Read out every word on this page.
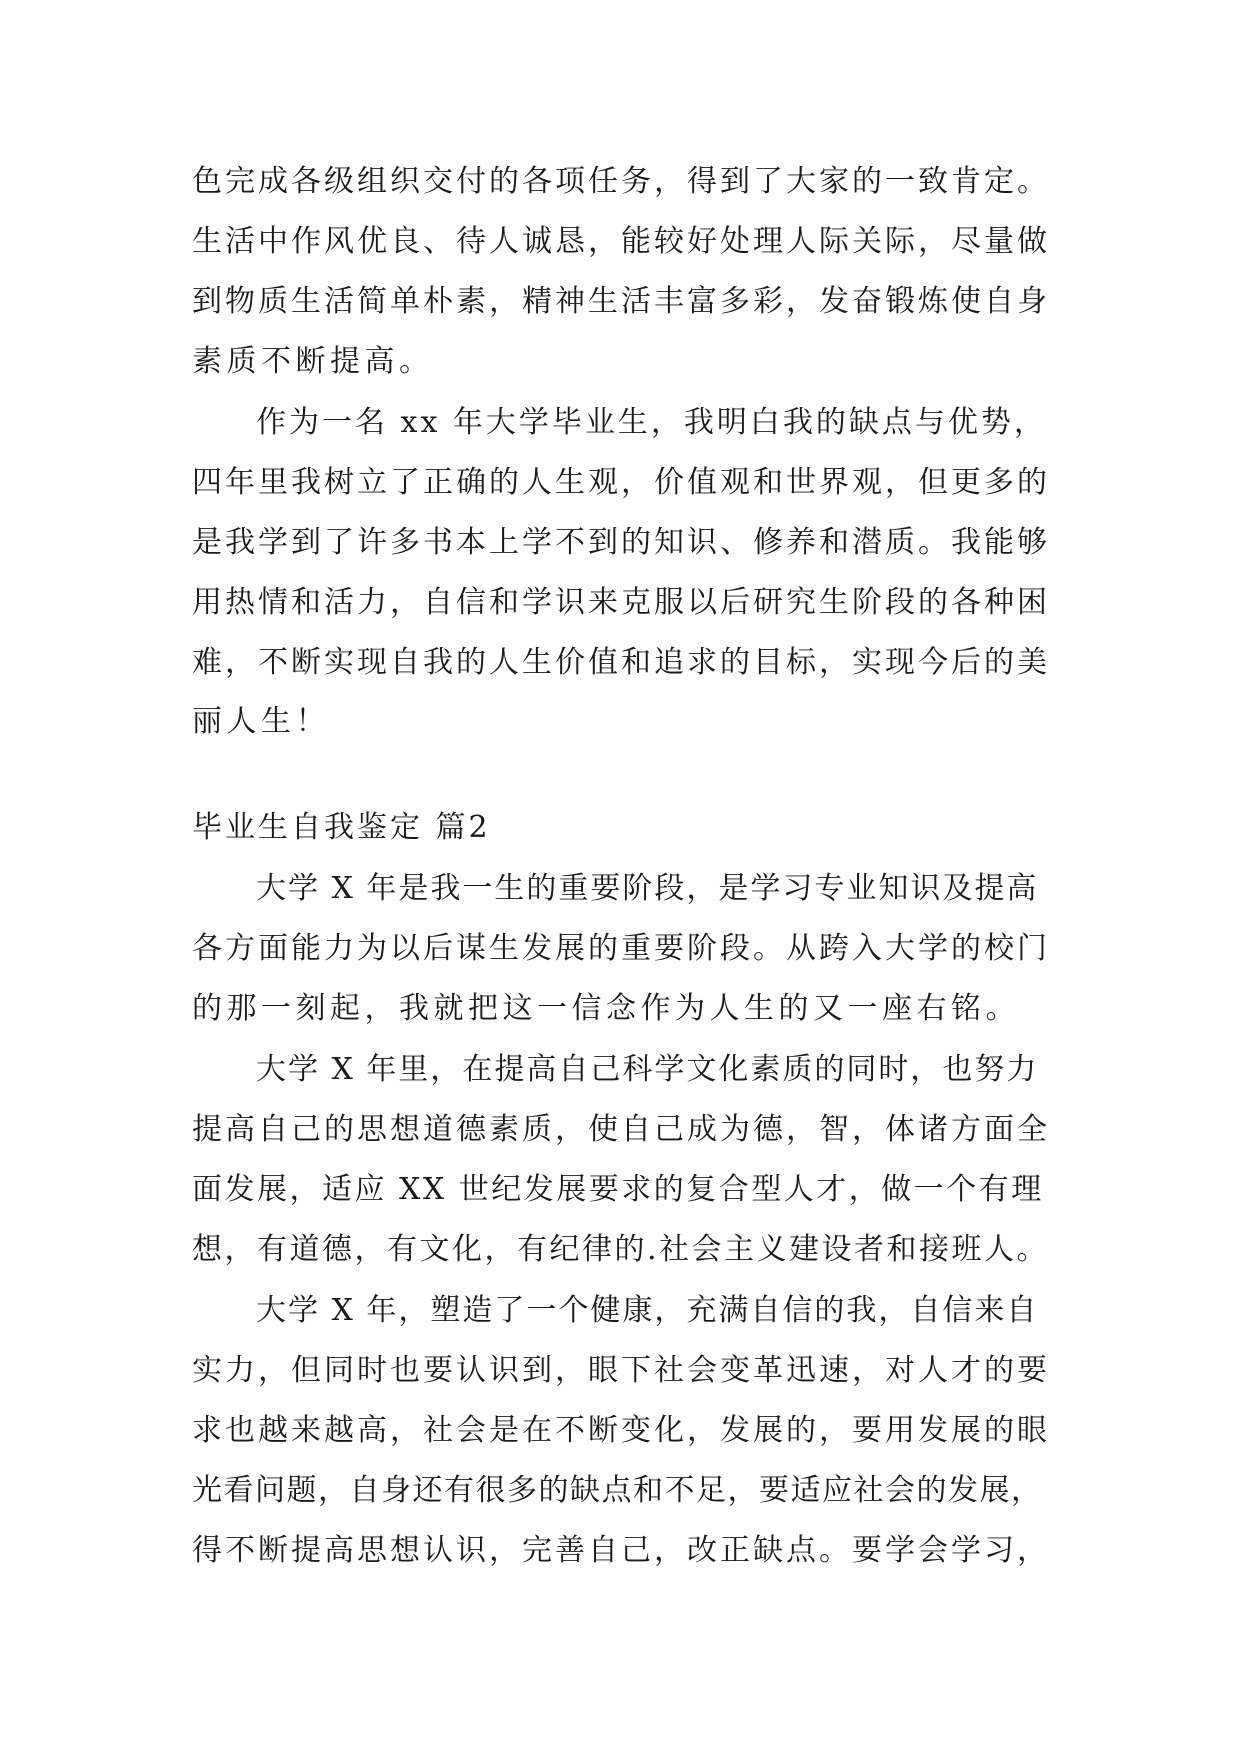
色完成各级组织交付的各项任务，得到了大家的一致肯定。
生活中作风优良、待人诚恳，能较好处理人际关际，尽量做
到物质生活简单朴素，精神生活丰富多彩，发奋锻炼使自身
素质不断提高。
作为一名 xx 年大学毕业生，我明白我的缺点与优势，
四年里我树立了正确的人生观，价值观和世界观，但更多的
是我学到了许多书本上学不到的知识、修养和潜质。我能够
用热情和活力，自信和学识来克服以后研究生阶段的各种困
难，不断实现自我的人生价值和追求的目标，实现今后的美
丽人生！
毕业生自我鉴定 篇2
大学 X 年是我一生的重要阶段，是学习专业知识及提高
各方面能力为以后谋生发展的重要阶段。从跨入大学的校门
的那一刻起，我就把这一信念作为人生的又一座右铭。
大学 X 年里，在提高自己科学文化素质的同时，也努力
提高自己的思想道德素质，使自己成为德，智，体诸方面全
面发展，适应 XX 世纪发展要求的复合型人才，做一个有理
想，有道德，有文化，有纪律的.社会主义建设者和接班人。
大学 X 年，塑造了一个健康，充满自信的我，自信来自
实力，但同时也要认识到，眼下社会变革迅速，对人才的要
求也越来越高，社会是在不断变化，发展的，要用发展的眼
光看问题，自身还有很多的缺点和不足，要适应社会的发展，
得不断提高思想认识，完善自己，改正缺点。要学会学习，
